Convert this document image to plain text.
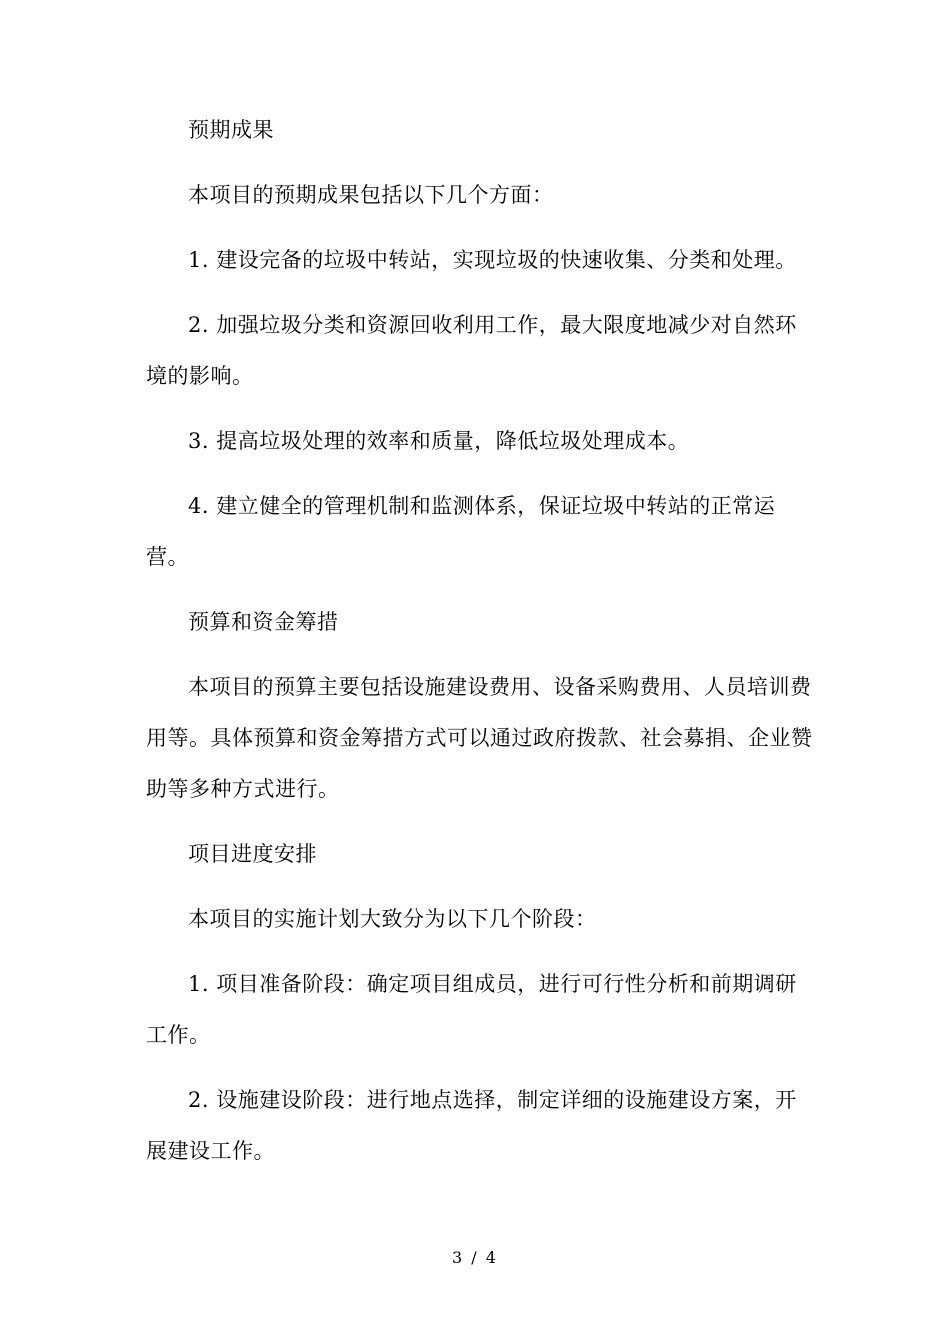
预期成果

本项目的预期成果包括以下几个方面：

1. 建设完备的垃圾中转站，实现垃圾的快速收集、分类和处理。

2. 加强垃圾分类和资源回收利用工作，最大限度地减少对自然环境的影响。

3. 提高垃圾处理的效率和质量，降低垃圾处理成本。

4. 建立健全的管理机制和监测体系，保证垃圾中转站的正常运营。

预算和资金筹措

本项目的预算主要包括设施建设费用、设备采购费用、人员培训费用等。具体预算和资金筹措方式可以通过政府拨款、社会募捐、企业赞助等多种方式进行。

项目进度安排

本项目的实施计划大致分为以下几个阶段：

1. 项目准备阶段：确定项目组成员，进行可行性分析和前期调研工作。

2. 设施建设阶段：进行地点选择，制定详细的设施建设方案，开展建设工作。

3 / 4
